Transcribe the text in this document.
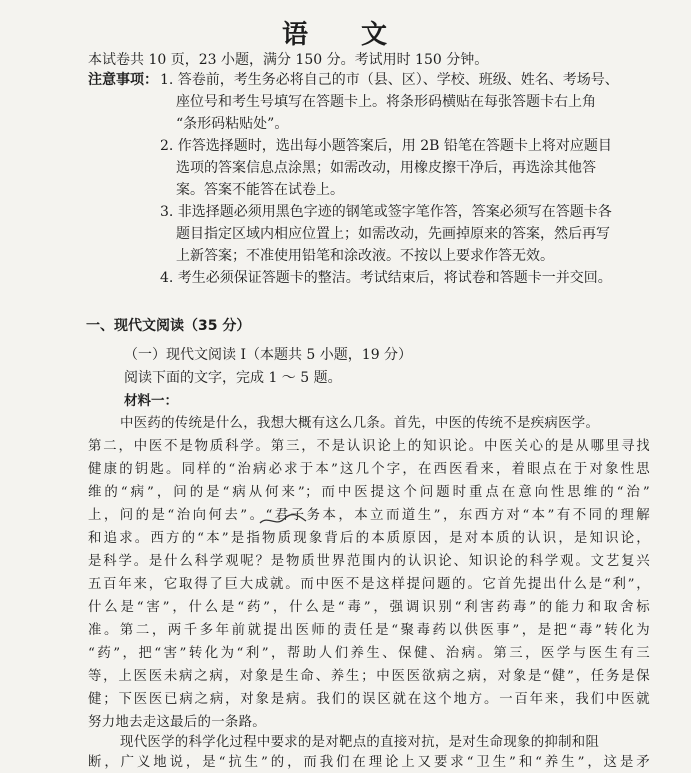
语 文
本试卷共 10 页，23 小题，满分 150 分。考试用时 150 分钟。
注意事项： 1. 答卷前，考生务必将自己的市（县、区）、学校、班级、姓名、考场号、
座位号和考生号填写在答题卡上。将条形码横贴在每张答题卡右上角
“条形码粘贴处”。
2. 作答选择题时，选出每小题答案后，用 2B 铅笔在答题卡上将对应题目
选项的答案信息点涂黑；如需改动，用橡皮擦干净后，再选涂其他答
案。答案不能答在试卷上。
3. 非选择题必须用黑色字迹的钢笔或签字笔作答，答案必须写在答题卡各
题目指定区域内相应位置上；如需改动，先画掉原来的答案，然后再写
上新答案；不准使用铅笔和涂改液。不按以上要求作答无效。
4. 考生必须保证答题卡的整洁。考试结束后，将试卷和答题卡一并交回。
一、现代文阅读（35 分）
（一）现代文阅读 I（本题共 5 小题，19 分）
阅读下面的文字，完成 1 ～ 5 题。
材料一：
中医药的传统是什么，我想大概有这么几条。首先，中医的传统不是疾病医学。
第二，中医不是物质科学。第三，不是认识论上的知识论。中医关心的是从哪里寻找
健康的钥匙。同样的“治病必求于本”这几个字，在西医看来，着眼点在于对象性思
维的“病”，问的是“病从何来”；而中医提这个问题时重点在意向性思维的“治”
上，问的是“治向何去”。“君子务本，本立而道生”，东西方对“本”有不同的理解
和追求。西方的“本”是指物质现象背后的本质原因，是对本质的认识，是知识论，
是科学。是什么科学观呢？是物质世界范围内的认识论、知识论的科学观。文艺复兴
五百年来，它取得了巨大成就。而中医不是这样提问题的。它首先提出什么是“利”，
什么是“害”，什么是“药”，什么是“毒”，强调识别“利害药毒”的能力和取舍标
准。第二，两千多年前就提出医师的责任是“聚毒药以供医事”，是把“毒”转化为
“药”，把“害”转化为“利”，帮助人们养生、保健、治病。第三，医学与医生有三
等，上医医未病之病，对象是生命、养生；中医医欲病之病，对象是“健”，任务是保
健；下医医已病之病，对象是病。我们的误区就在这个地方。一百年来，我们中医就
努力地去走这最后的一条路。
现代医学的科学化过程中要求的是对靶点的直接对抗，是对生命现象的抑制和阻
断，广义地说，是“抗生”的，而我们在理论上又要求“卫生”和“养生”，这是矛
